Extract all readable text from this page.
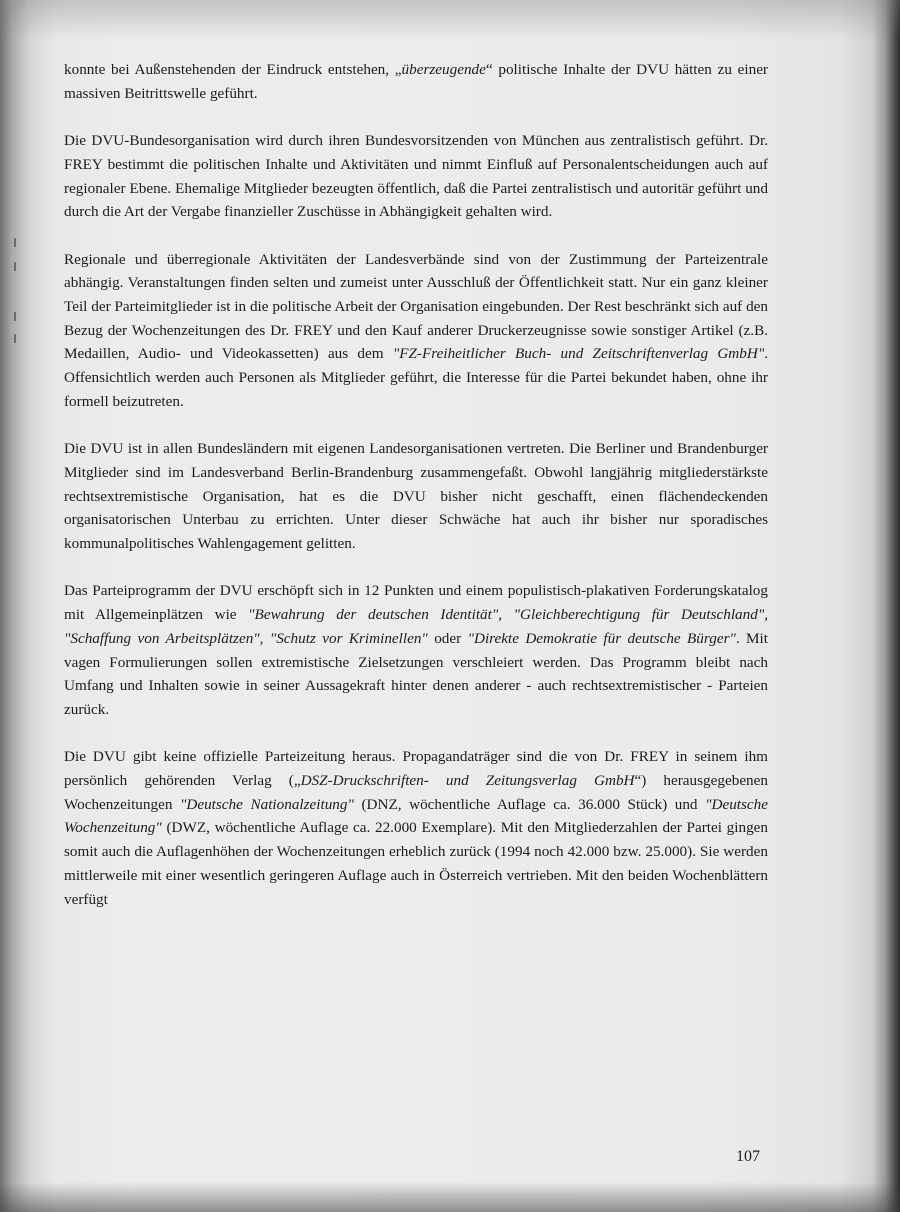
konnte bei Außenstehenden der Eindruck entstehen, „überzeugende“ politische Inhalte der DVU hätten zu einer massiven Beitrittswelle geführt.

Die DVU-Bundesorganisation wird durch ihren Bundesvorsitzenden von München aus zentralistisch geführt. Dr. FREY bestimmt die politischen Inhalte und Aktivitäten und nimmt Einfluß auf Personalentscheidungen auch auf regionaler Ebene. Ehemalige Mitglieder bezeugten öffentlich, daß die Partei zentralistisch und autoritär geführt und durch die Art der Vergabe finanzieller Zuschüsse in Abhängigkeit gehalten wird.

Regionale und überregionale Aktivitäten der Landesverbände sind von der Zustimmung der Parteizentrale abhängig. Veranstaltungen finden selten und zumeist unter Ausschluß der Öffentlichkeit statt. Nur ein ganz kleiner Teil der Parteimitglieder ist in die politische Arbeit der Organisation eingebunden. Der Rest beschränkt sich auf den Bezug der Wochenzeitungen des Dr. FREY und den Kauf anderer Druckerzeugnisse sowie sonstiger Artikel (z.B. Medaillen, Audio- und Videokassetten) aus dem "FZ-Freiheitlicher Buch- und Zeitschriftenverlag GmbH". Offensichtlich werden auch Personen als Mitglieder geführt, die Interesse für die Partei bekundet haben, ohne ihr formell beizutreten.

Die DVU ist in allen Bundesländern mit eigenen Landesorganisationen vertreten. Die Berliner und Brandenburger Mitglieder sind im Landesverband Berlin-Brandenburg zusammengefaßt. Obwohl langjährig mitgliederstärkste rechtsextremistische Organisation, hat es die DVU bisher nicht geschafft, einen flächendeckenden organisatorischen Unterbau zu errichten. Unter dieser Schwäche hat auch ihr bisher nur sporadisches kommunalpolitisches Wahlengagement gelitten.

Das Parteiprogramm der DVU erschöpft sich in 12 Punkten und einem populistisch-plakativen Forderungskatalog mit Allgemeinplätzen wie "Bewahrung der deutschen Identität", "Gleichberechtigung für Deutschland", "Schaffung von Arbeitsplätzen", "Schutz vor Kriminellen" oder "Direkte Demokratie für deutsche Bürger". Mit vagen Formulierungen sollen extremistische Zielsetzungen verschleiert werden. Das Programm bleibt nach Umfang und Inhalten sowie in seiner Aussagekraft hinter denen anderer - auch rechtsextremistischer - Parteien zurück.

Die DVU gibt keine offizielle Parteizeitung heraus. Propagandaträger sind die von Dr. FREY in seinem ihm persönlich gehörenden Verlag („DSZ-Druckschriften- und Zeitungsverlag GmbH“) herausgegebenen Wochenzeitungen "Deutsche Nationalzeitung" (DNZ, wöchentliche Auflage ca. 36.000 Stück) und "Deutsche Wochenzeitung" (DWZ, wöchentliche Auflage ca. 22.000 Exemplare). Mit den Mitgliederzahlen der Partei gingen somit auch die Auflagenhöhen der Wochenzeitungen erheblich zurück (1994 noch 42.000 bzw. 25.000). Sie werden mittlerweile mit einer wesentlich geringeren Auflage auch in Österreich vertrieben. Mit den beiden Wochenblättern verfügt

107
